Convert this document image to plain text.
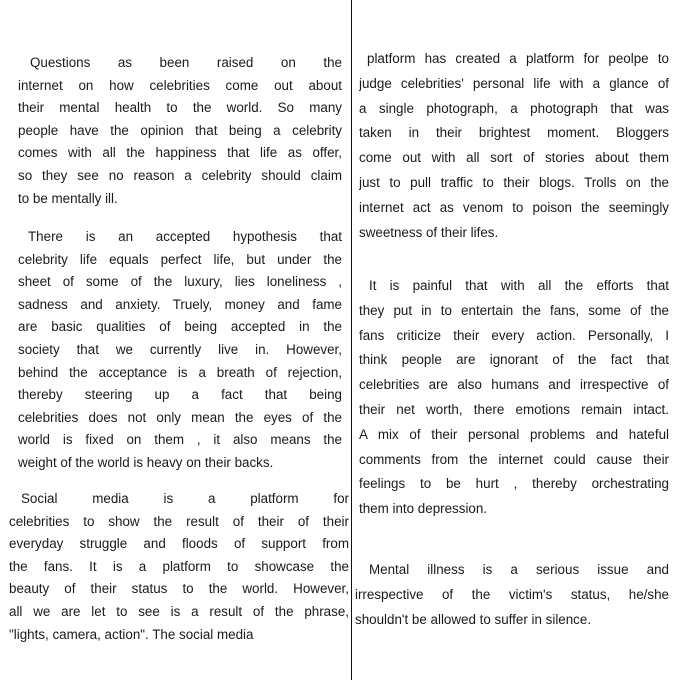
Questions as been raised on the
internet on how celebrities come out about
their mental health to the world. So many
people have the opinion that being a celebrity
comes with all the happiness that life as offer,
so they see no reason a celebrity should claim
to be mentally ill.
There is an accepted hypothesis that
celebrity life equals perfect life, but under the
sheet of some of the luxury, lies loneliness ,
sadness and anxiety. Truely, money and fame
are basic qualities of being accepted in the
society that we currently live in. However,
behind the acceptance is a breath of rejection,
thereby steering up a fact that being
celebrities does not only mean the eyes of the
world is fixed on them , it also means the
weight of the world is heavy on their backs.
Social media is a platform for
celebrities to show the result of their of their
everyday struggle and floods of support from
the fans. It is a platform to showcase the
beauty of their status to the world. However,
all we are let to see is a result of the phrase,
"lights, camera, action". The social media
platform has created a platform for peolpe to
judge celebrities' personal life with a glance of
a single photograph, a photograph that was
taken in their brightest moment. Bloggers
come out with all sort of stories about them
just to pull traffic to their blogs. Trolls on the
internet act as venom to poison the seemingly
sweetness of their lifes.
It is painful that with all the efforts that
they put in to entertain the fans, some of the
fans criticize their every action. Personally, I
think people are ignorant of the fact that
celebrities are also humans and irrespective of
their net worth, there emotions remain intact.
A mix of their personal problems and hateful
comments from the internet could cause their
feelings to be hurt , thereby orchestrating
them into depression.
Mental illness is a serious issue and
irrespective of the victim's status, he/she
shouldn't be allowed to suffer in silence.
